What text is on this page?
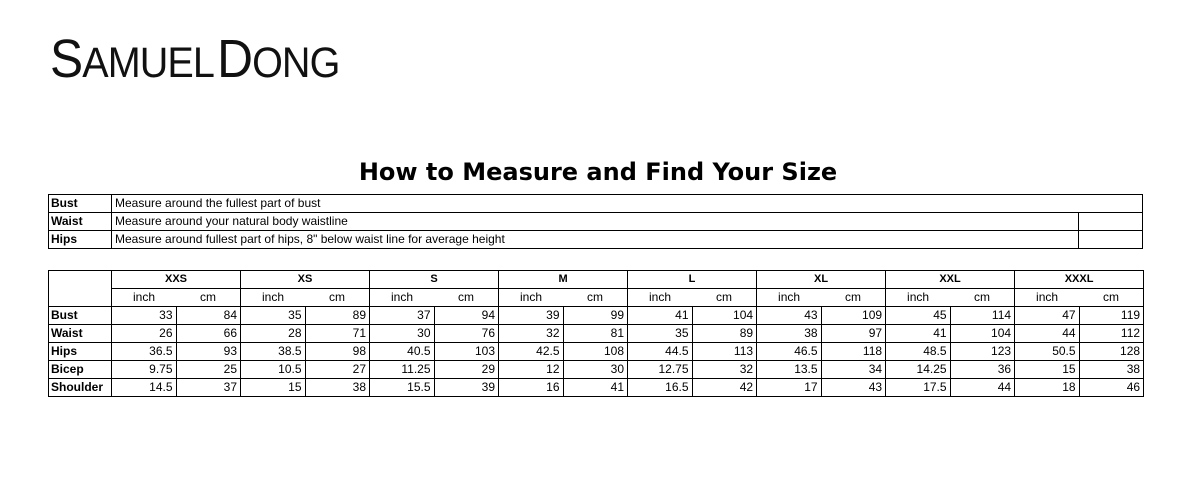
SAMUEL DONG
How to Measure and Find Your Size
Bust	Measure around the fullest part of bust	
Waist	Measure around your natural body waistline	
Hips	Measure around fullest part of hips, 8" below waist line for average height	
	XXS		XS		S		M		L		XL		XXL		XXXL	
	inch	cm	inch	cm	inch	cm	inch	cm	inch	cm	inch	cm	inch	cm	inch	cm
Bust	33	84	35	89	37	94	39	99	41	104	43	109	45	114	47	119
Waist	26	66	28	71	30	76	32	81	35	89	38	97	41	104	44	112
Hips	36.5	93	38.5	98	40.5	103	42.5	108	44.5	113	46.5	118	48.5	123	50.5	128
Bicep	9.75	25	10.5	27	11.25	29	12	30	12.75	32	13.5	34	14.25	36	15	38
Shoulder	14.5	37	15	38	15.5	39	16	41	16.5	42	17	43	17.5	44	18	46
